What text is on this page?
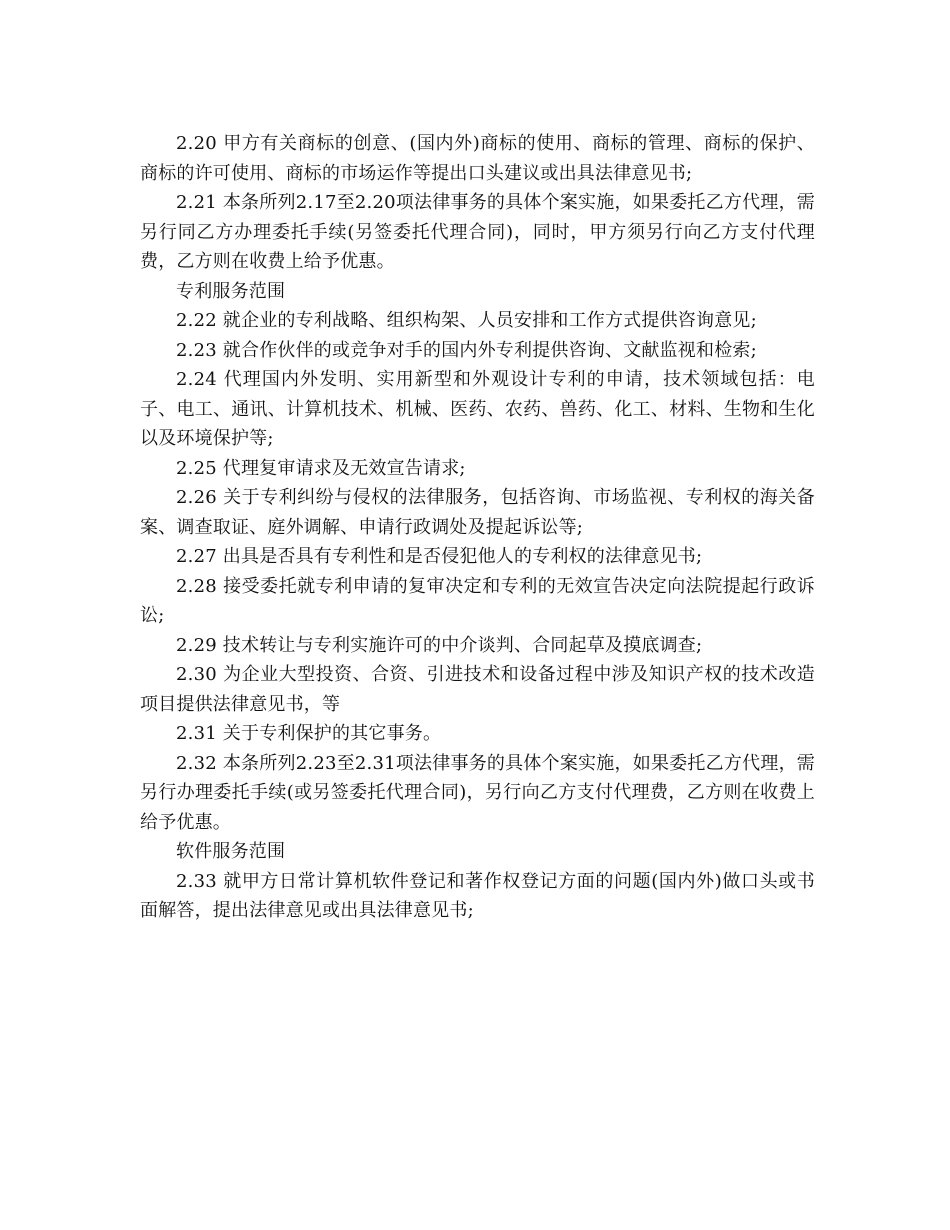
2.20 甲方有关商标的创意、(国内外)商标的使用、商标的管理、商标的保护、商标的许可使用、商标的市场运作等提出口头建议或出具法律意见书;

2.21 本条所列2.17至2.20项法律事务的具体个案实施，如果委托乙方代理，需另行同乙方办理委托手续(另签委托代理合同)，同时，甲方须另行向乙方支付代理费，乙方则在收费上给予优惠。

专利服务范围

2.22 就企业的专利战略、组织构架、人员安排和工作方式提供咨询意见;

2.23 就合作伙伴的或竞争对手的国内外专利提供咨询、文献监视和检索;

2.24 代理国内外发明、实用新型和外观设计专利的申请，技术领域包括：电子、电工、通讯、计算机技术、机械、医药、农药、兽药、化工、材料、生物和生化以及环境保护等;

2.25 代理复审请求及无效宣告请求;

2.26 关于专利纠纷与侵权的法律服务，包括咨询、市场监视、专利权的海关备案、调查取证、庭外调解、申请行政调处及提起诉讼等;

2.27 出具是否具有专利性和是否侵犯他人的专利权的法律意见书;

2.28 接受委托就专利申请的复审决定和专利的无效宣告决定向法院提起行政诉讼;

2.29 技术转让与专利实施许可的中介谈判、合同起草及摸底调查;

2.30 为企业大型投资、合资、引进技术和设备过程中涉及知识产权的技术改造项目提供法律意见书，等

2.31 关于专利保护的其它事务。

2.32 本条所列2.23至2.31项法律事务的具体个案实施，如果委托乙方代理，需另行办理委托手续(或另签委托代理合同)，另行向乙方支付代理费，乙方则在收费上给予优惠。

软件服务范围

2.33 就甲方日常计算机软件登记和著作权登记方面的问题(国内外)做口头或书面解答，提出法律意见或出具法律意见书;
